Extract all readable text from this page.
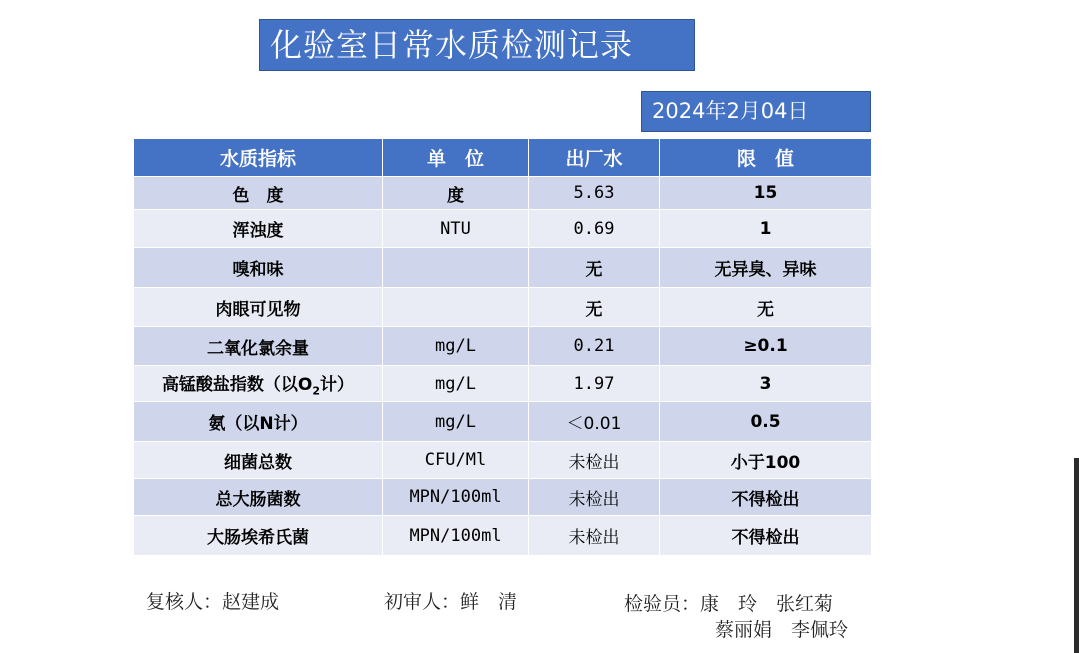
化验室日常水质检测记录
2024年2月04日
水质指标	单　位	出厂水	限　值
色　度	度	5.63	15
浑浊度	NTU	0.69	1
嗅和味		无	无异臭、异味
肉眼可见物		无	无
二氧化氯余量	mg/L	0.21	≥0.1
高锰酸盐指数（以$O_2$计）	mg/L	1.97	3
氨（以N计）	mg/L	＜0.01	0.5
细菌总数	CFU/Ml	未检出	小于100
总大肠菌数	MPN/100ml	未检出	不得检出
大肠埃希氏菌	MPN/100ml	未检出	不得检出
复核人：赵建成	初审人：鲜　清	检验员：康　玲　张红菊
蔡丽娟　李佩玲
